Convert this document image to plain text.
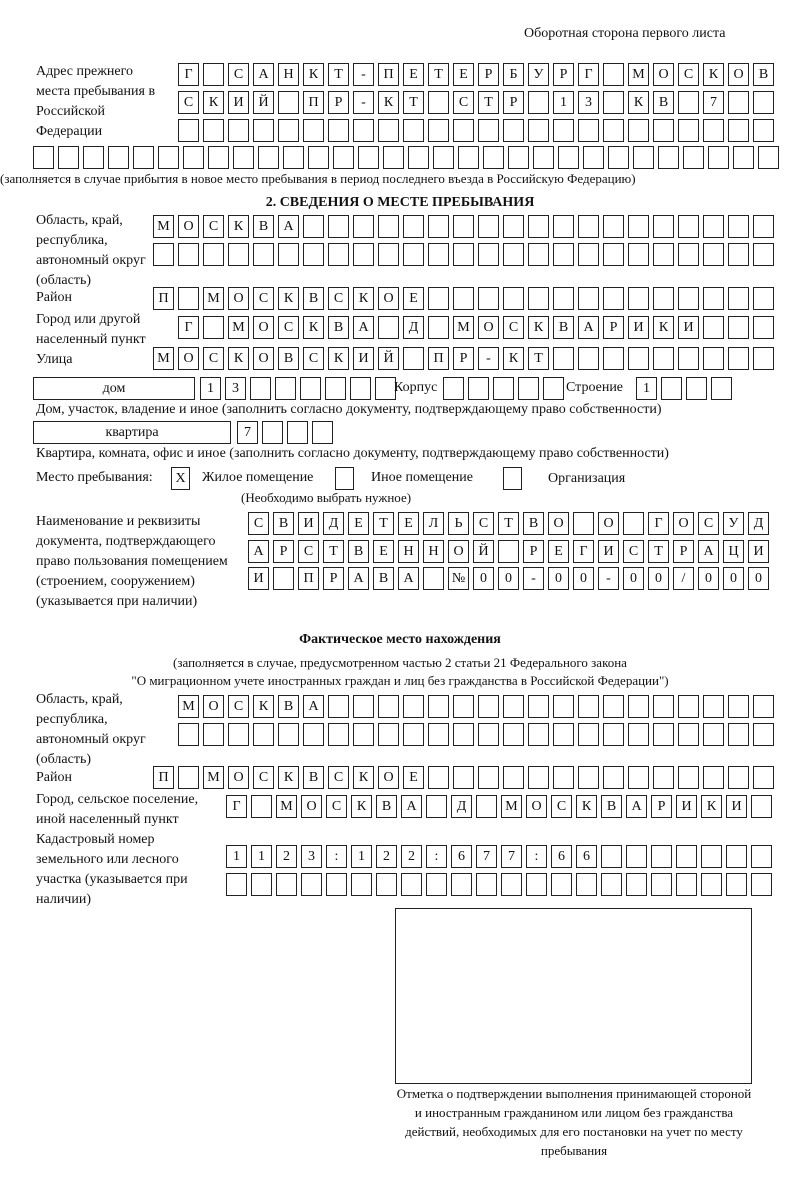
Оборотная сторона первого листа
Адрес прежнего места пребывания в Российской Федерации
Г	С	А	Н	К	Т	-	П	Е	Т	Е	Р	Б	У	Р	Г	М О	С	К	О	В
С	К	И	Й	П	Р	-	К	Т	С	Т	Р	1	3	К	В	7
(заполняется в случае прибытия в новое место пребывания в период последнего въезда в Российскую Федерацию)
2. СВЕДЕНИЯ О МЕСТЕ ПРЕБЫВАНИЯ
Область, край, республика, автономный округ (область)
М О	С	К	В	А
Район	П	М О	С	К	В	С	К	О	Е
Город или другой населенный пункт
Г	М О	С	К	В	А	Д	М О	С	К	В	А	Р	И	К	И
Улица	М О	С	К	О	В	С	К	И	Й	П	Р	-	К	Т
дом	1	3	Корпус	Строение	1
Дом, участок, владение и иное (заполнить согласно документу, подтверждающему право собственности)
квартира	7
Квартира, комната, офис и иное (заполнить согласно документу, подтверждающему право собственности)
Место пребывания:	X	Жилое помещение	Иное помещение	Организация
(Необходимо выбрать нужное)
Наименование и реквизиты документа, подтверждающего право пользования помещением (строением, сооружением) (указывается при наличии)
С	В	И	Д	Е	Т	Е	Л	Ь	С	Т	В	О	О	Г	О	С	У	Д
А	Р	С	Т	В	Е	Н	Н	О	Й	Р	Е	Г	И	С	Т	Р	А	Ц	И
И	П	Р	А	В	А	№	0	0	-	0	0	-	0	0	/	0	0	0
Фактическое место нахождения
(заполняется в случае, предусмотренном частью 2 статьи 21 Федерального закона
"О миграционном учете иностранных граждан и лиц без гражданства в Российской Федерации")
Область, край, республика, автономный округ (область)
М О	С	К	В	А
Район	П	М О	С	К	В	С	К	О	Е
Город, сельское поселение, иной населенный пункт
Г	М О	С	К	В	А	Д	М О	С	К	В	А	Р	И	К	И
Кадастровый номер земельного или лесного участка (указывается при наличии)
1	1	2	3	:	1	2	2	:	6	7	7	:	6	6
Отметка о подтверждении выполнения принимающей стороной и иностранным гражданином или лицом без гражданства действий, необходимых для его постановки на учет по месту пребывания
